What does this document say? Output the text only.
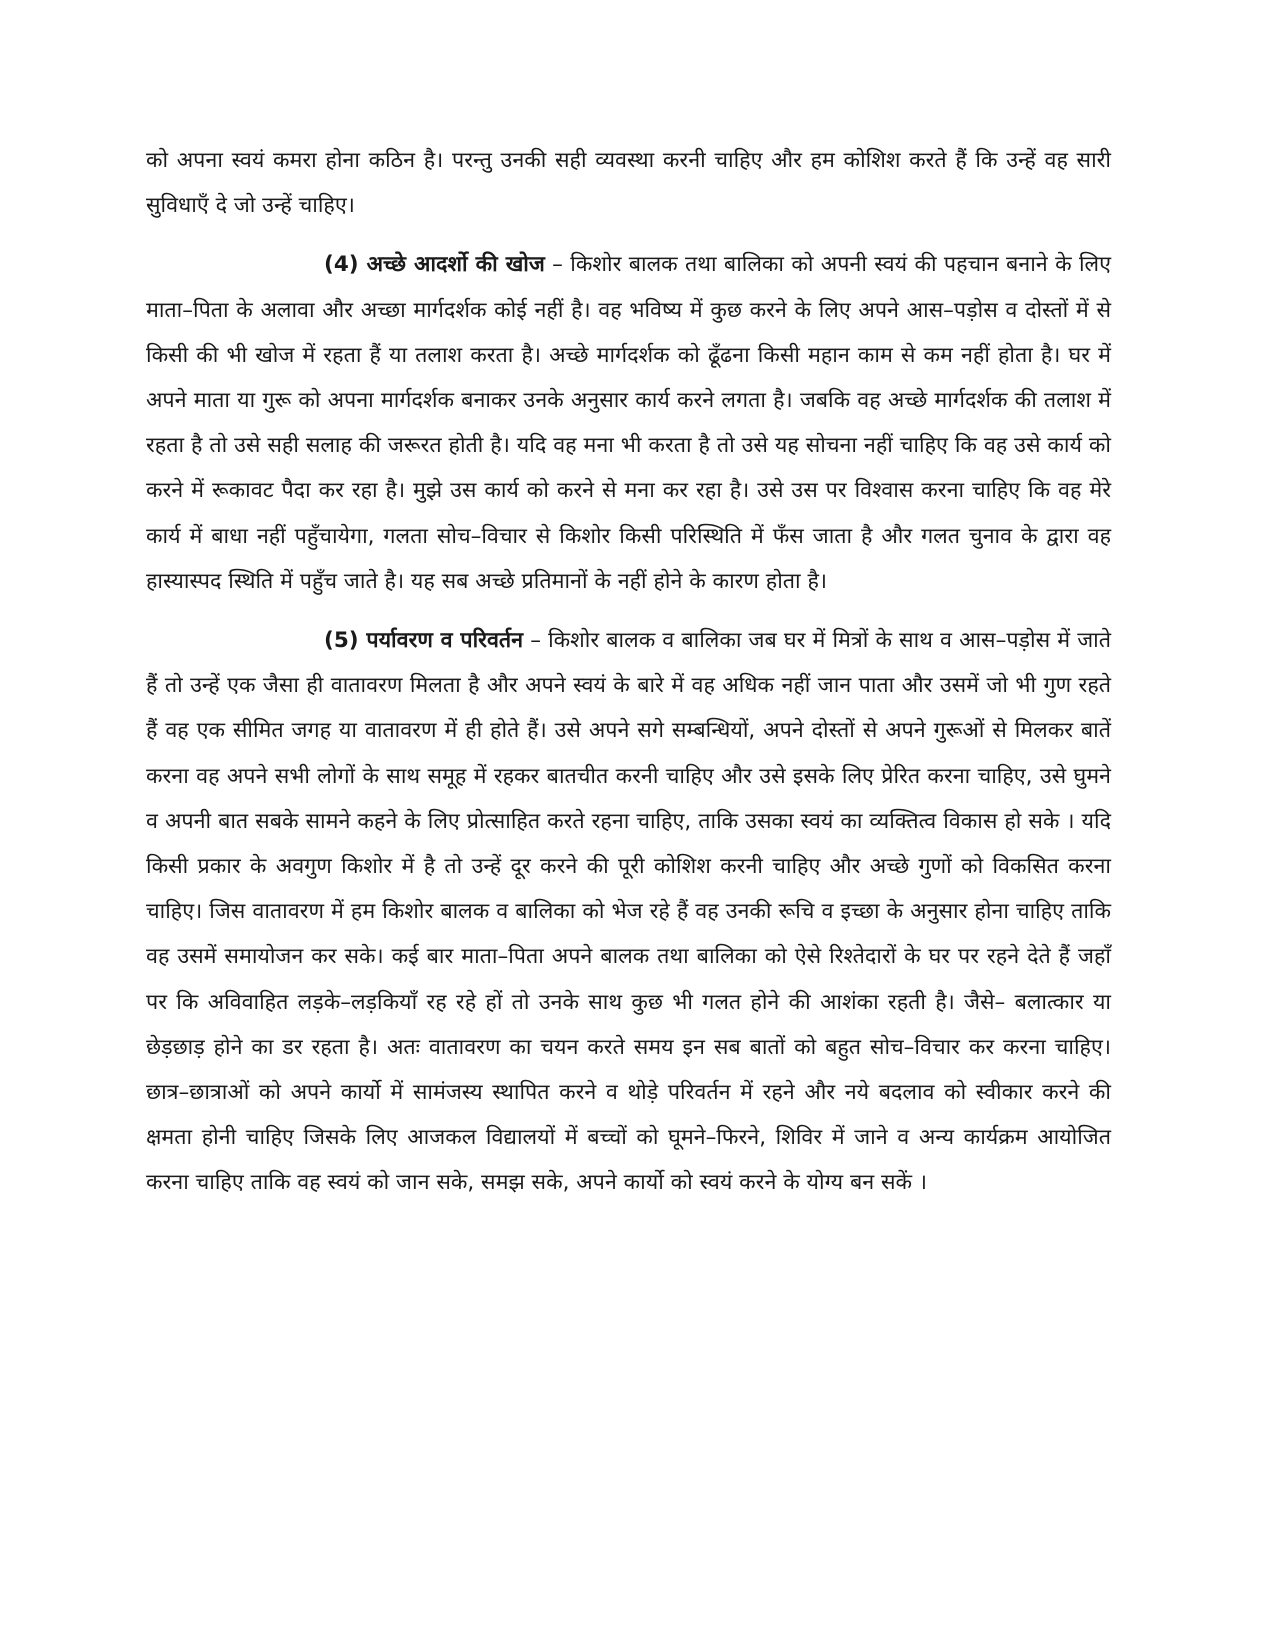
को अपना स्वयं कमरा होना कठिन है। परन्तु उनकी सही व्यवस्था करनी चाहिए और हम कोशिश करते हैं कि उन्हें वह सारी सुविधाएँ दे जो उन्हें चाहिए।

(4) अच्छे आदर्शो की खोज – किशोर बालक तथा बालिका को अपनी स्वयं की पहचान बनाने के लिए माता–पिता के अलावा और अच्छा मार्गदर्शक कोई नहीं है। वह भविष्य में कुछ करने के लिए अपने आस–पड़ोस व दोस्तों में से किसी की भी खोज में रहता हैं या तलाश करता है। अच्छे मार्गदर्शक को ढूँढना किसी महान काम से कम नहीं होता है। घर में अपने माता या गुरू को अपना मार्गदर्शक बनाकर उनके अनुसार कार्य करने लगता है। जबकि वह अच्छे मार्गदर्शक की तलाश में रहता है तो उसे सही सलाह की जरूरत होती है। यदि वह मना भी करता है तो उसे यह सोचना नहीं चाहिए कि वह उसे कार्य को करने में रूकावट पैदा कर रहा है। मुझे उस कार्य को करने से मना कर रहा है। उसे उस पर विश्वास करना चाहिए कि वह मेरे कार्य में बाधा नहीं पहुँचायेगा, गलता सोच–विचार से किशोर किसी परिस्थिति में फँस जाता है और गलत चुनाव के द्वारा वह हास्यास्पद स्थिति में पहुँच जाते है। यह सब अच्छे प्रतिमानों के नहीं होने के कारण होता है।

(5) पर्यावरण व परिवर्तन – किशोर बालक व बालिका जब घर में मित्रों के साथ व आस–पड़ोस में जाते हैं तो उन्हें एक जैसा ही वातावरण मिलता है और अपने स्वयं के बारे में वह अधिक नहीं जान पाता और उसमें जो भी गुण रहते हैं वह एक सीमित जगह या वातावरण में ही होते हैं। उसे अपने सगे सम्बन्धियों, अपने दोस्तों से अपने गुरूओं से मिलकर बातें करना वह अपने सभी लोगों के साथ समूह में रहकर बातचीत करनी चाहिए और उसे इसके लिए प्रेरित करना चाहिए, उसे घुमने व अपनी बात सबके सामने कहने के लिए प्रोत्साहित करते रहना चाहिए, ताकि उसका स्वयं का व्यक्तित्व विकास हो सके । यदि किसी प्रकार के अवगुण किशोर में है तो उन्हें दूर करने की पूरी कोशिश करनी चाहिए और अच्छे गुणों को विकसित करना चाहिए। जिस वातावरण में हम किशोर बालक व बालिका को भेज रहे हैं वह उनकी रूचि व इच्छा के अनुसार होना चाहिए ताकि वह उसमें समायोजन कर सके। कई बार माता–पिता अपने बालक तथा बालिका को ऐसे रिश्तेदारों के घर पर रहने देते हैं जहाँ पर कि अविवाहित लड़के–लड़कियाँ रह रहे हों तो उनके साथ कुछ भी गलत होने की आशंका रहती है। जैसे– बलात्कार या छेड़छाड़ होने का डर रहता है। अतः वातावरण का चयन करते समय इन सब बातों को बहुत सोच–विचार कर करना चाहिए। छात्र–छात्राओं को अपने कार्यो में सामंजस्य स्थापित करने व थोड़े परिवर्तन में रहने और नये बदलाव को स्वीकार करने की क्षमता होनी चाहिए जिसके लिए आजकल विद्यालयों में बच्चों को घूमने–फिरने, शिविर में जाने व अन्य कार्यक्रम आयोजित करना चाहिए ताकि वह स्वयं को जान सके, समझ सके, अपने कार्यो को स्वयं करने के योग्य बन सकें ।
